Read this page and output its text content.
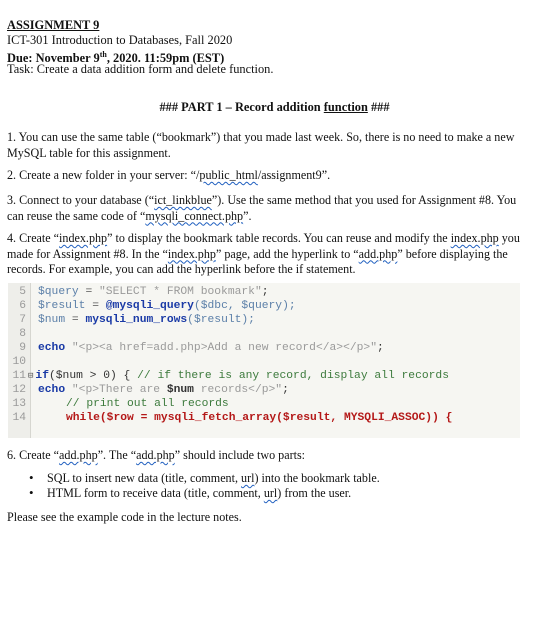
ASSIGNMENT 9
ICT-301 Introduction to Databases, Fall 2020
Due: November 9th, 2020. 11:59pm (EST)
Task: Create a data addition form and delete function.
### PART 1 – Record addition function ###
1. You can use the same table (“bookmark”) that you made last week. So, there is no need to make a new MySQL table for this assignment.
2. Create a new folder in your server: “/public_html/assignment9”.
3. Connect to your database (“ict_linkblue”). Use the same method that you used for Assignment #8. You can reuse the same code of “mysqli_connect.php”.
4. Create “index.php” to display the bookmark table records. You can reuse and modify the index.php you made for Assignment #8. In the “index.php” page, add the hyperlink to “add.php” before displaying the records. For example, you can add the hyperlink before the if statement.
5 $query = "SELECT * FROM bookmark";
6 $result = @mysqli_query($dbc, $query);
7 $num = mysqli_num_rows($result);
8
9 echo "<p><a href=add.php>Add a new record</a></p>";
10
11 ⊟ if($num > 0) { // if there is any record, display all records
12 echo "<p>There are $num records</p>";
13	// print out all records
14	while($row = mysqli_fetch_array($result, MYSQLI_ASSOC)) {
6. Create “add.php”. The “add.php” should include two parts:
• SQL to insert new data (title, comment, url) into the bookmark table.
• HTML form to receive data (title, comment, url) from the user.
Please see the example code in the lecture notes.
